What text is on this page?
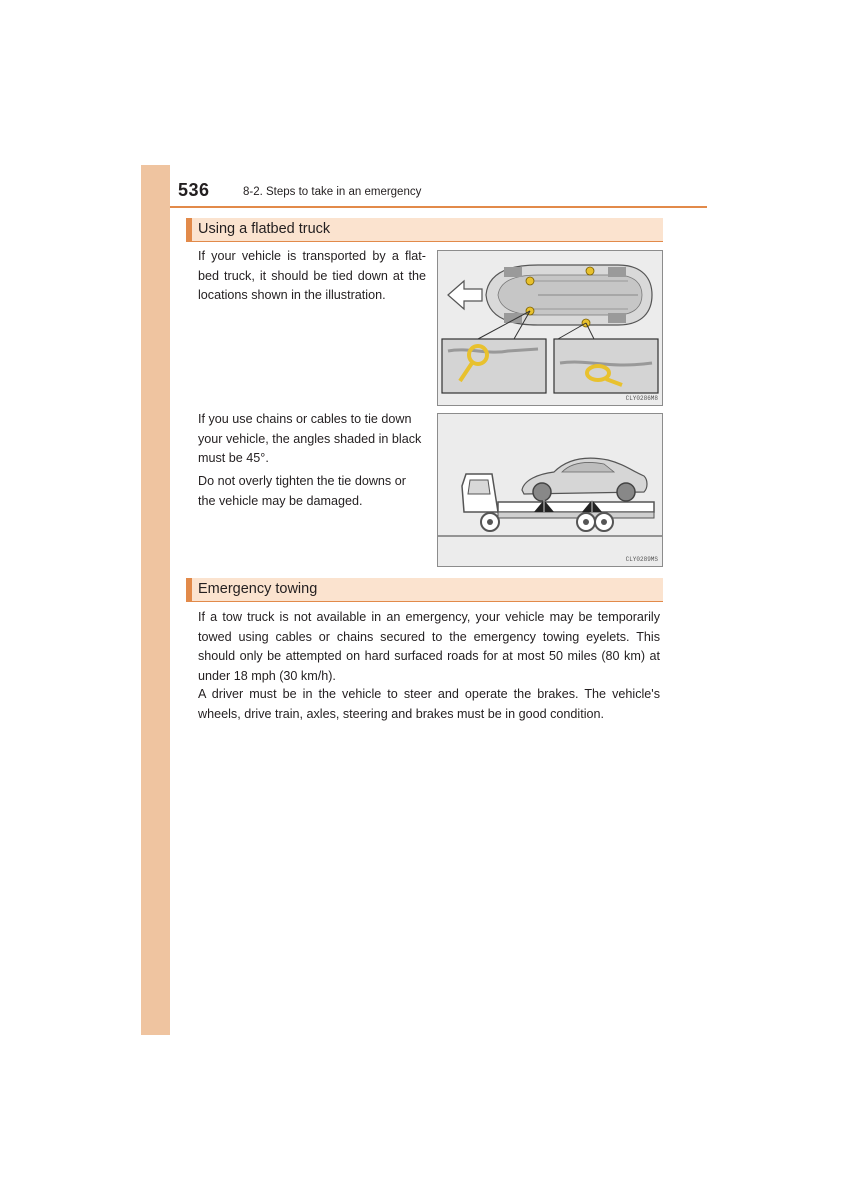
536	8-2. Steps to take in an emergency
Using a flatbed truck
If your vehicle is transported by a flat-bed truck, it should be tied down at the locations shown in the illustration.
CLY0286M8
If you use chains or cables to tie down your vehicle, the angles shaded in black must be 45°.
Do not overly tighten the tie downs or the vehicle may be damaged.
CLY0289MS
Emergency towing
If a tow truck is not available in an emergency, your vehicle may be temporarily towed using cables or chains secured to the emergency towing eyelets. This should only be attempted on hard surfaced roads for at most 50 miles (80 km) at under 18 mph (30 km/h).
A driver must be in the vehicle to steer and operate the brakes. The vehicle's wheels, drive train, axles, steering and brakes must be in good condition.
